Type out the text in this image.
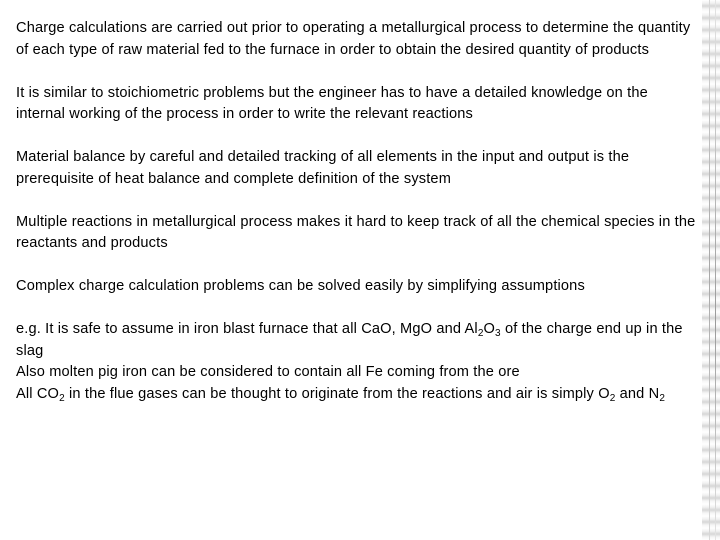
Charge calculations are carried out prior to operating a metallurgical process to determine the quantity of each type of raw material fed to the furnace in order to obtain the desired quantity of products

It is similar to stoichiometric problems but the engineer has to have a detailed knowledge on the internal working of the process in order to write the relevant reactions

Material balance by careful and detailed tracking of all elements in the input and output is the prerequisite of heat balance and complete definition of the system

Multiple reactions in metallurgical process makes it hard to keep track of all the chemical species in the reactants and products

Complex charge calculation problems can be solved easily by simplifying assumptions

e.g. It is safe to assume in iron blast furnace that all CaO, MgO and $Al_2O_3$ of the charge end up in the slag
Also molten pig iron can be considered to contain all Fe coming from the ore
All $CO_2$ in the flue gases can be thought to originate from the reactions and air is simply $O_2$ and $N_2$
